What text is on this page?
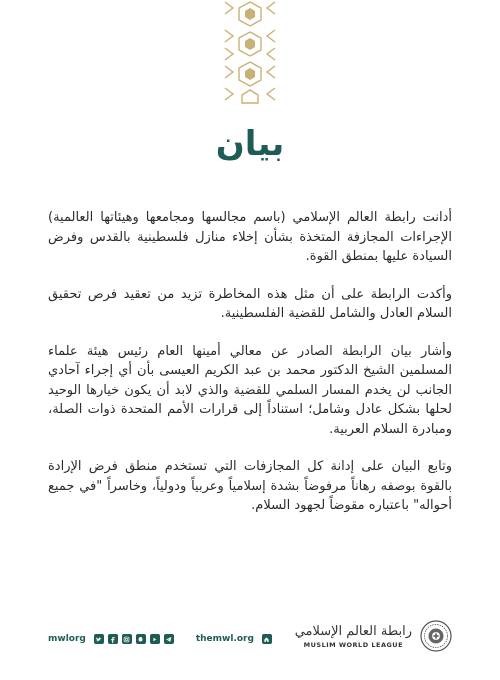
بيان

أدانت رابطة العالم الإسلامي (باسم مجالسها ومجامعها وهيئاتها العالمية) الإجراءات المجازفة المتخذة بشأن إخلاء منازل فلسطينية بالقدس وفرض السيادة عليها بمنطق القوة.

وأكدت الرابطة على أن مثل هذه المخاطرة تزيد من تعقيد فرص تحقيق السلام العادل والشامل للقضية الفلسطينية.

وأشار بيان الرابطة الصادر عن معالي أمينها العام رئيس هيئة علماء المسلمين الشيخ الدكتور محمد بن عبد الكريم العيسى بأن أي إجراء آحادي الجانب لن يخدم المسار السلمي للقضية والذي لابد أن يكون خيارها الوحيد لحلها بشكل عادل وشامل؛ استناداً إلى قرارات الأمم المتحدة ذوات الصلة، ومبادرة السلام العربية.

وتابع البيان على إدانة كل المجازفات التي تستخدم منطق فرض الإرادة بالقوة بوصفه رهاناً مرفوضاً بشدة إسلامياً وعربياً ودولياً، وخاسراً "في جميع أحواله" باعتباره مقوضاً لجهود السلام.

mwlorg	themwl.org
رابطة العالم الإسلامي
MUSLIM WORLD LEAGUE
